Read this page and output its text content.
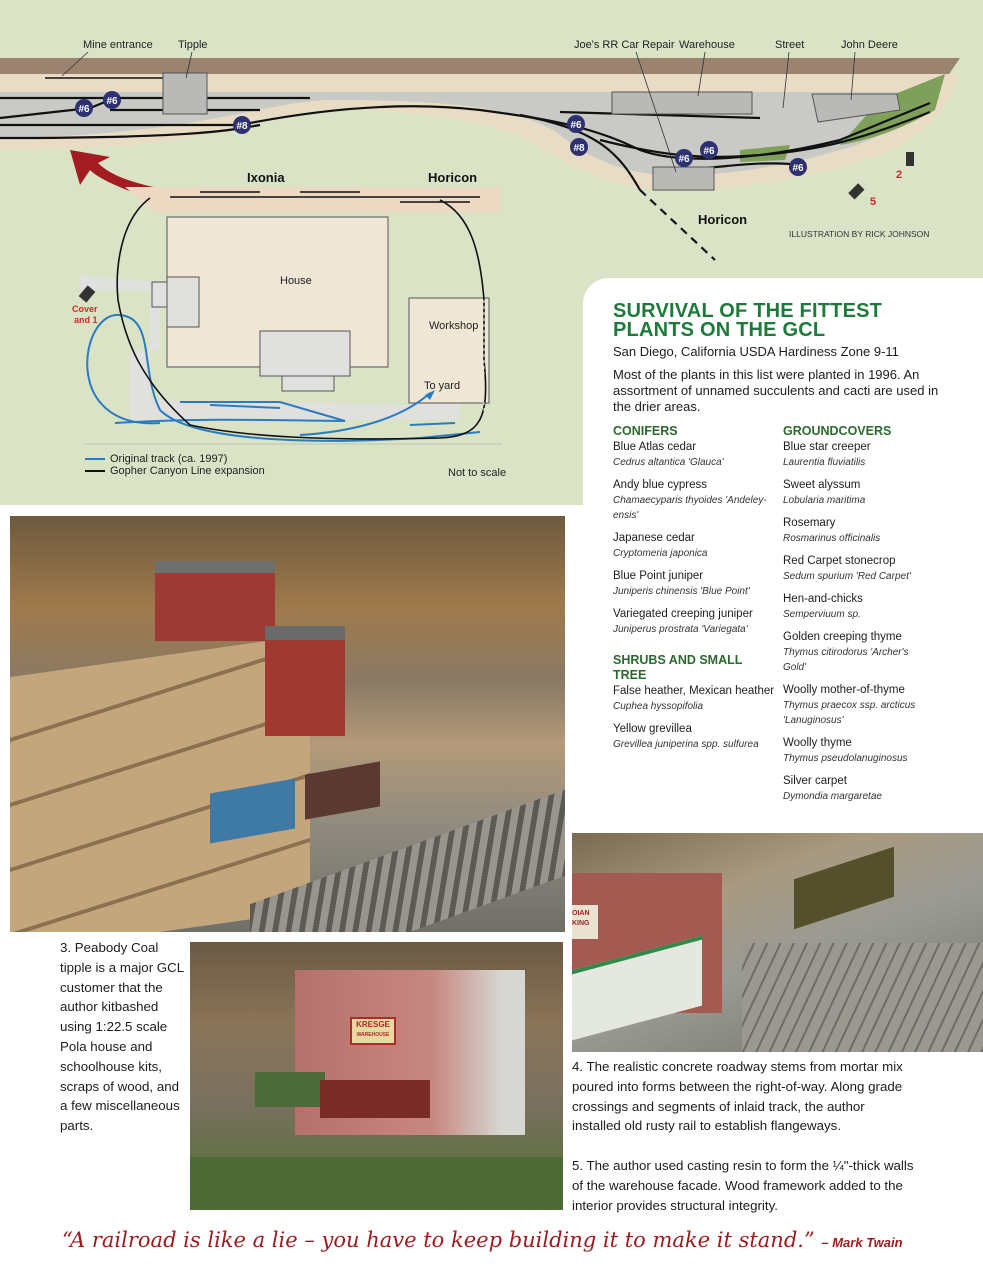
#6
#6
#8	#6
#8
#6
#6
#6
Mine entrance Tipple	Joe's RR Car Repair Warehouse	Street	John Deere
Horicon
ILLUSTRATION BY RICK JOHNSON
2
5
Ixonia	Horicon
House
Workshop
To yard
Cover
and 1
Original track (ca. 1997)
Gopher Canyon Line expansion	Not to scale
SURVIVAL OF THE FITTEST
PLANTS ON THE GCL
San Diego, California USDA Hardiness Zone 9-11
Most of the plants in this list were planted in 1996. An assortment of unnamed succulents and cacti are used in the drier areas.
CONIFERS
Blue Atlas cedar
Cedrus altantica 'Glauca'
Andy blue cypress
Chamaecyparis thyoides 'Andeley-ensis'
Japanese cedar
Cryptomeria japonica
Blue Point juniper
Juniperis chinensis 'Blue Point'
Variegated creeping juniper
Juniperus prostrata 'Variegata'
SHRUBS AND SMALL TREE
False heather, Mexican heather
Cuphea hyssopifolia
Yellow grevillea
Grevillea juniperina spp. sulfurea
GROUNDCOVERS
Blue star creeper
Laurentia fluviatilis
Sweet alyssum
Lobularia maritima
Rosemary
Rosmarinus officinalis
Red Carpet stonecrop
Sedum spurium 'Red Carpet'
Hen-and-chicks
Semperviuum sp.
Golden creeping thyme
Thymus citirodorus 'Archer's Gold'
Woolly mother-of-thyme
Thymus praecox ssp. arcticus 'Lanuginosus'
Woolly thyme
Thymus pseudolanuginosus
Silver carpet
Dymondia margaretae
3. Peabody Coal tipple is a major GCL customer that the author kitbashed using 1:22.5 scale Pola house and schoolhouse kits, scraps of wood, and a few miscellaneous parts.
KRESGE
WAREHOUSE
OIAN
KING
4. The realistic concrete roadway stems from mortar mix poured into forms between the right-of-way. Along grade crossings and segments of inlaid track, the author installed old rusty rail to establish flangeways.
5. The author used casting resin to form the ¼"-thick walls of the warehouse facade. Wood framework added to the interior provides structural integrity.
“A railroad is like a lie – you have to keep building it to make it stand.” – Mark Twain
